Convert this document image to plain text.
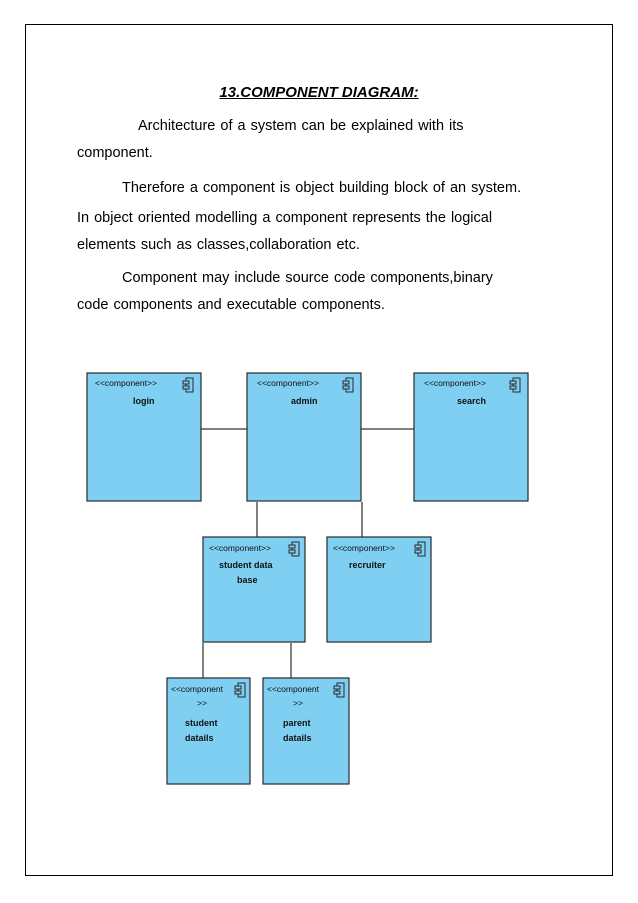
13.COMPONENT DIAGRAM:
Architecture of a system can be explained with its
component.
Therefore a component is object building block of an system.
In object oriented modelling a component represents the logical
elements such as classes,collaboration etc.
Component may include source code components,binary
code components and executable components.
<<component>>
login
<<component>>
admin
<<component>>
search
<<component>>
student data
base
<<component>>
recruiter
<<component
>>
student
datails
<<component
>>
parent
datails
